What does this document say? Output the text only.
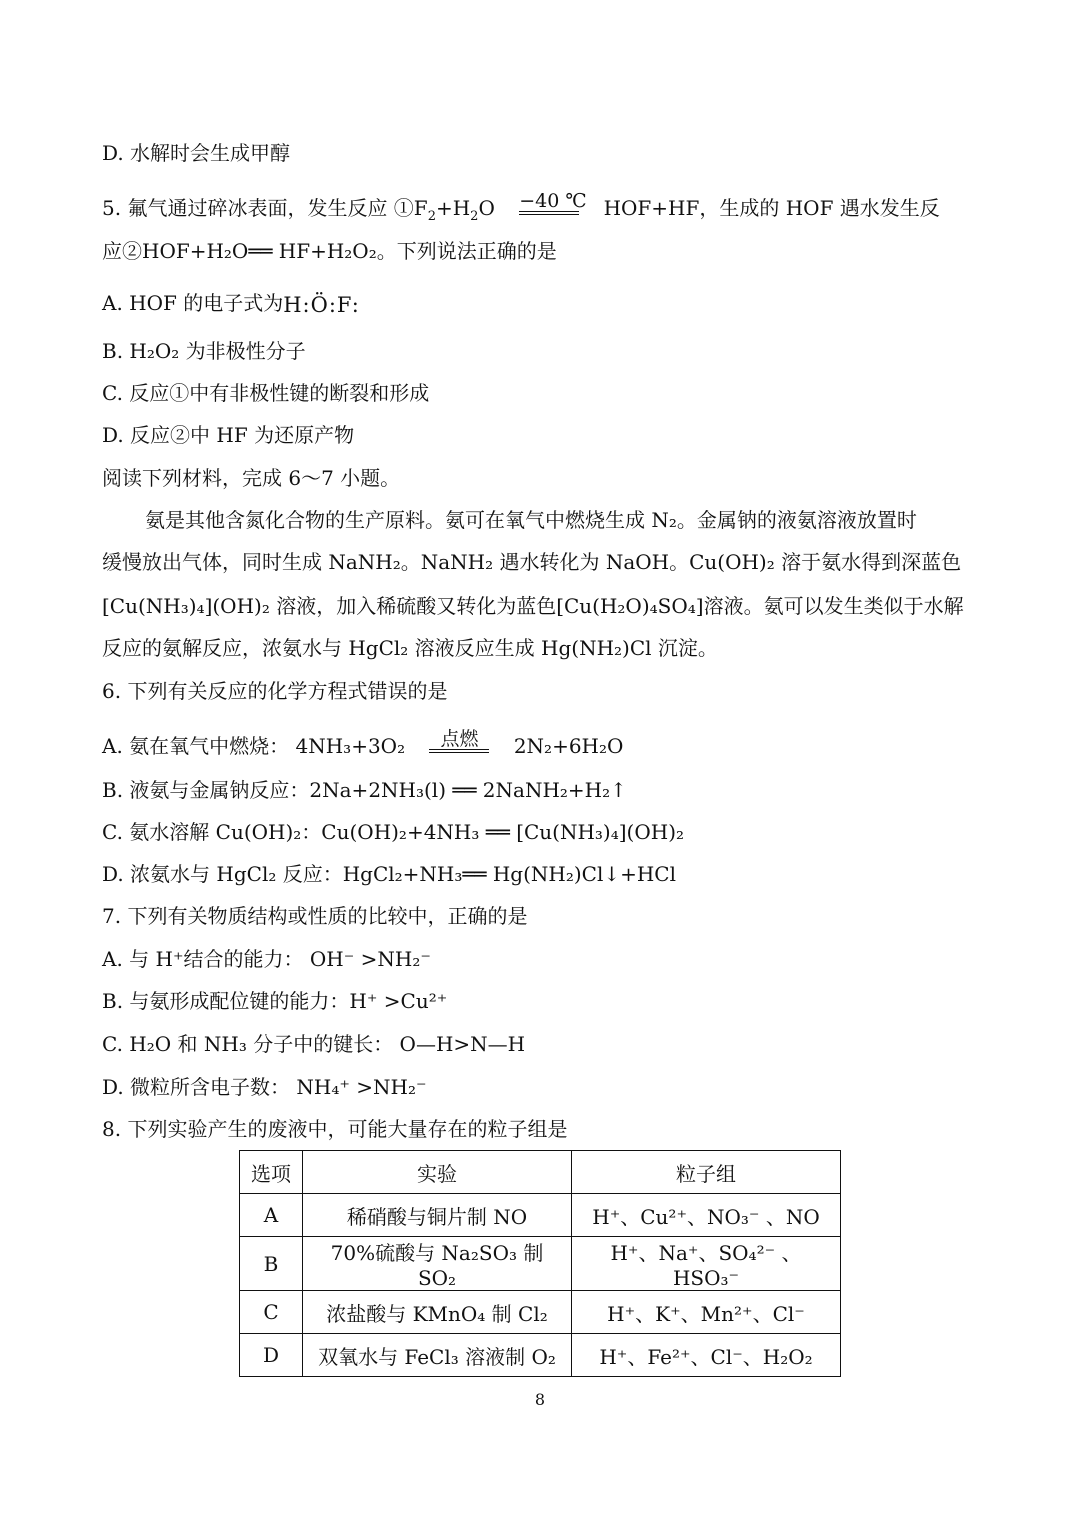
D. 水解时会生成甲醇
5. 氟气通过碎冰表面，发生反应 $①F_2+H_2O -40$ ℃ HOF+HF，生成的 HOF 遇水发生反
应②HOF+H₂O══ HF+H₂O₂。下列说法正确的是
A. HOF 的电子式为H:Ö:F:
B. H₂O₂ 为非极性分子
C. 反应①中有非极性键的断裂和形成
D. 反应②中 HF 为还原产物
阅读下列材料，完成 6～7 小题。
氨是其他含氮化合物的生产原料。氨可在氧气中燃烧生成 N₂。金属钠的液氨溶液放置时
缓慢放出气体，同时生成 NaNH₂。NaNH₂ 遇水转化为 NaOH。Cu(OH)₂ 溶于氨水得到深蓝色
[Cu(NH₃)₄](OH)₂ 溶液，加入稀硫酸又转化为蓝色[Cu(H₂O)₄SO₄]溶液。氨可以发生类似于水解
反应的氨解反应，浓氨水与 HgCl₂ 溶液反应生成 Hg(NH₂)Cl 沉淀。
6. 下列有关反应的化学方程式错误的是
A. 氨在氧气中燃烧： 4NH₃+3O₂	点燃	2N₂+6H₂O
B. 液氨与金属钠反应：2Na+2NH₃(l) ══ 2NaNH₂+H₂↑
C. 氨水溶解 Cu(OH)₂：Cu(OH)₂+4NH₃ ══ [Cu(NH₃)₄](OH)₂
D. 浓氨水与 HgCl₂ 反应：HgCl₂+NH₃══ Hg(NH₂)Cl↓+HCl
7. 下列有关物质结构或性质的比较中，正确的是
A. 与 H⁺结合的能力： OH⁻ >NH₂⁻
B. 与氨形成配位键的能力：H⁺ >Cu²⁺
C. H₂O 和 NH₃ 分子中的键长： O—H>N—H
D. 微粒所含电子数： NH₄⁺ >NH₂⁻
8. 下列实验产生的废液中，可能大量存在的粒子组是
选项	实验	粒子组
A	稀硝酸与铜片制 NO	H⁺、Cu²⁺、NO₃⁻ 、NO
B	70%硫酸与 Na₂SO₃ 制 SO₂	H⁺、Na⁺、SO₄²⁻ 、HSO₃⁻
C	浓盐酸与 KMnO₄ 制 Cl₂	H⁺、K⁺、Mn²⁺、Cl⁻
D	双氧水与 FeCl₃ 溶液制 O₂	H⁺、Fe²⁺、Cl⁻、H₂O₂
8
